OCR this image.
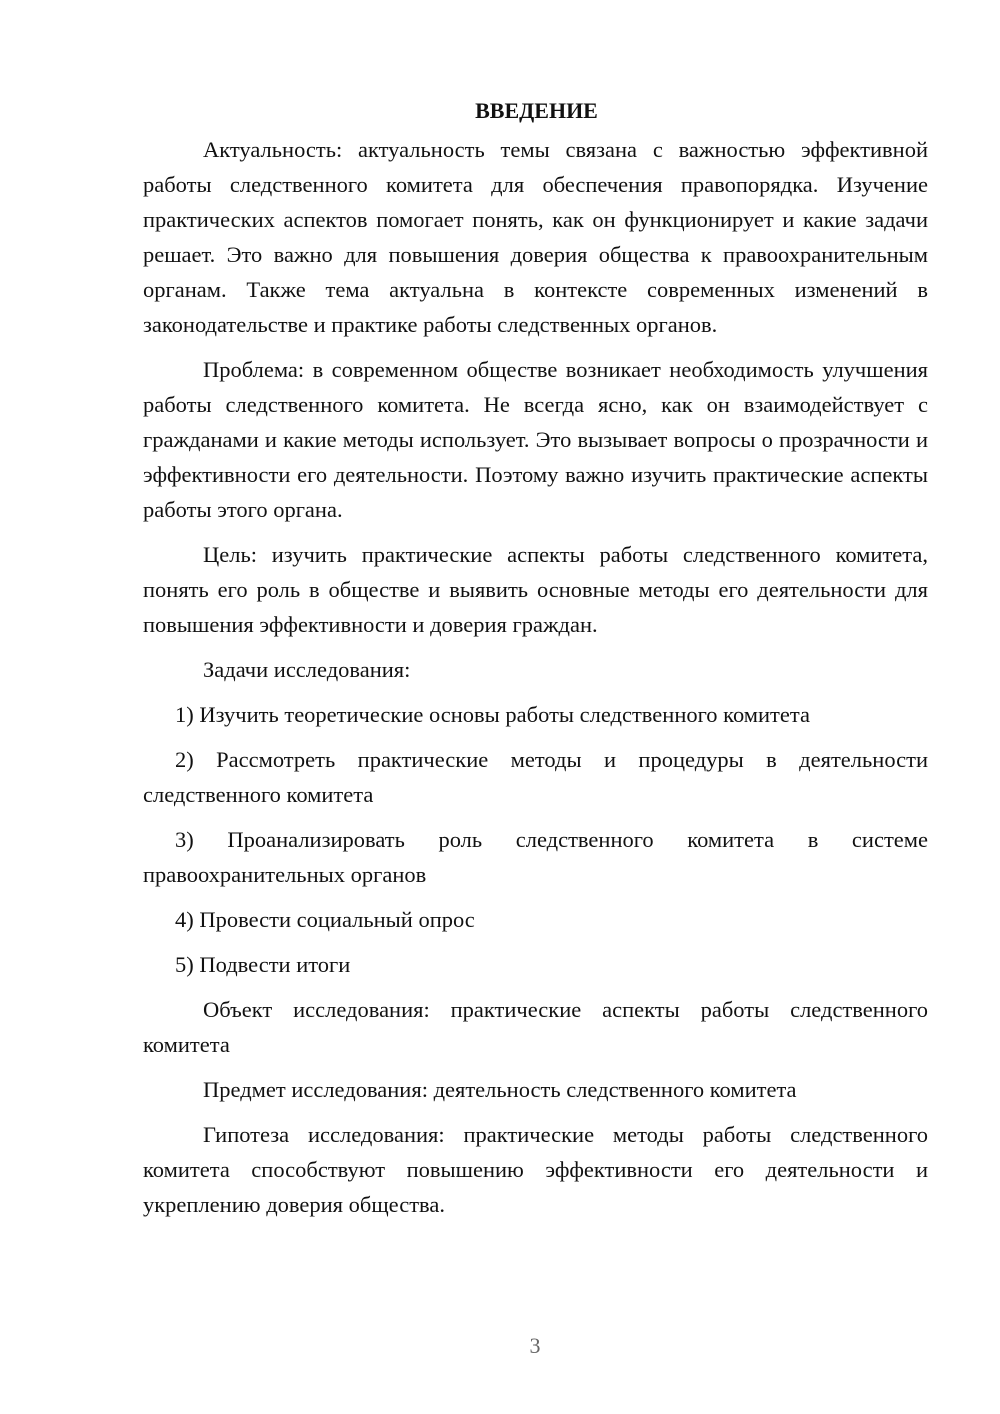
ВВЕДЕНИЕ

Актуальность: актуальность темы связана с важностью эффективной работы следственного комитета для обеспечения правопорядка. Изучение практических аспектов помогает понять, как он функционирует и какие задачи решает. Это важно для повышения доверия общества к правоохранительным органам. Также тема актуальна в контексте современных изменений в законодательстве и практике работы следственных органов.

Проблема: в современном обществе возникает необходимость улучшения работы следственного комитета. Не всегда ясно, как он взаимодействует с гражданами и какие методы использует. Это вызывает вопросы о прозрачности и эффективности его деятельности. Поэтому важно изучить практические аспекты работы этого органа.

Цель: изучить практические аспекты работы следственного комитета, понять его роль в обществе и выявить основные методы его деятельности для повышения эффективности и доверия граждан.

Задачи исследования:

1) Изучить теоретические основы работы следственного комитета

2) Рассмотреть практические методы и процедуры в деятельности следственного комитета

3) Проанализировать роль следственного комитета в системе правоохранительных органов

4) Провести социальный опрос

5) Подвести итоги

Объект исследования: практические аспекты работы следственного комитета

Предмет исследования: деятельность следственного комитета

Гипотеза исследования: практические методы работы следственного комитета способствуют повышению эффективности его деятельности и укреплению доверия общества.

3
